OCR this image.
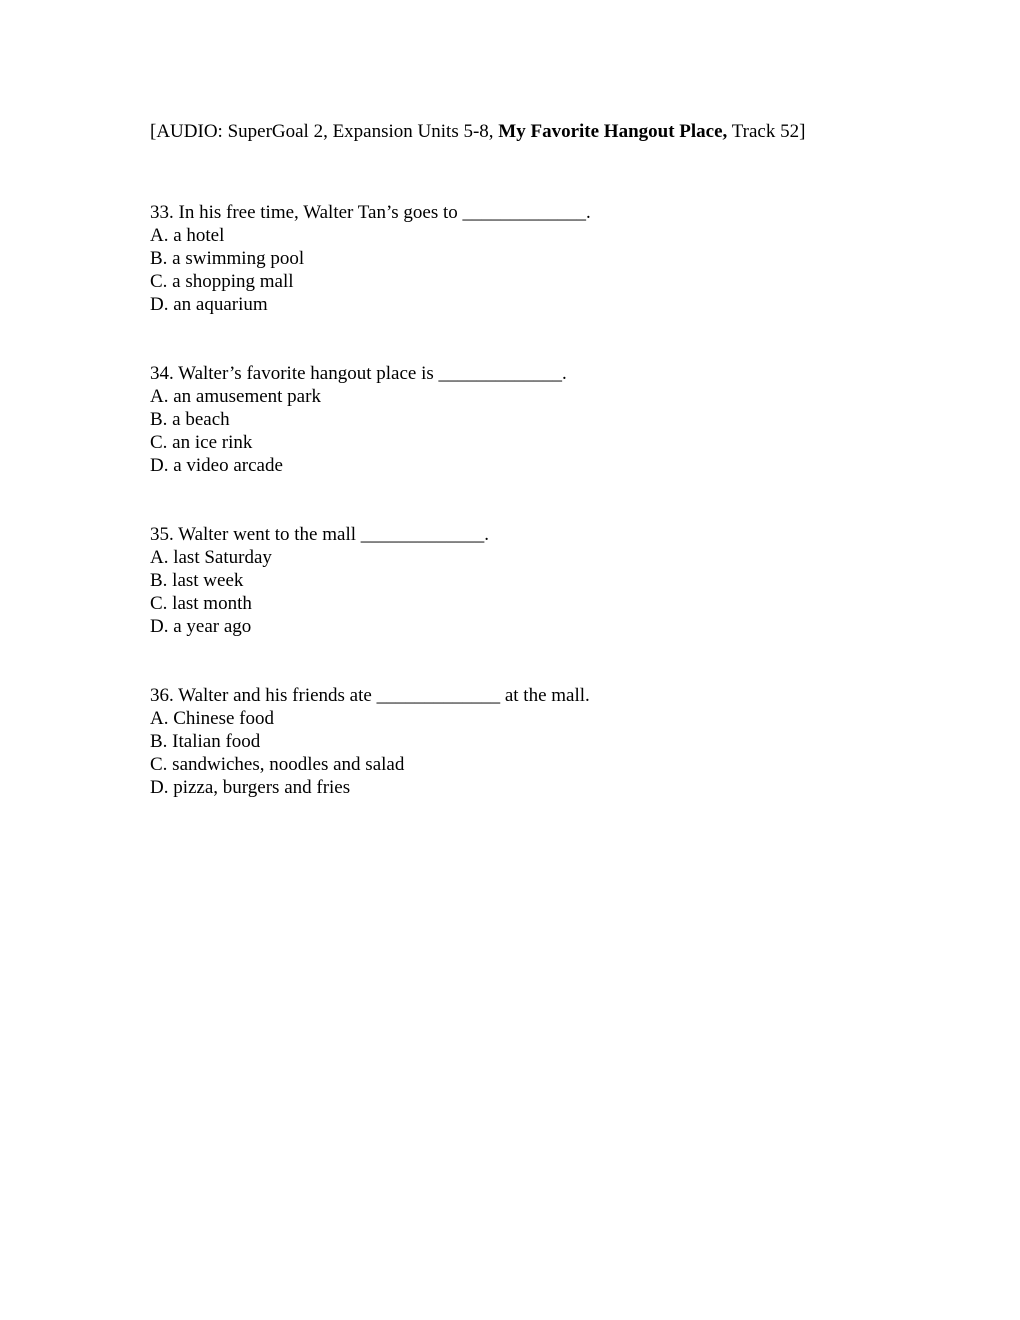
[AUDIO: SuperGoal 2, Expansion Units 5-8, My Favorite Hangout Place, Track 52]

33. In his free time, Walter Tan’s goes to _____________.
A. a hotel
B. a swimming pool
C. a shopping mall
D. an aquarium
34. Walter’s favorite hangout place is _____________.
A. an amusement park
B. a beach
C. an ice rink
D. a video arcade
35. Walter went to the mall _____________.
A. last Saturday
B. last week
C. last month
D. a year ago
36. Walter and his friends ate _____________ at the mall.
A. Chinese food
B. Italian food
C. sandwiches, noodles and salad
D. pizza, burgers and fries
